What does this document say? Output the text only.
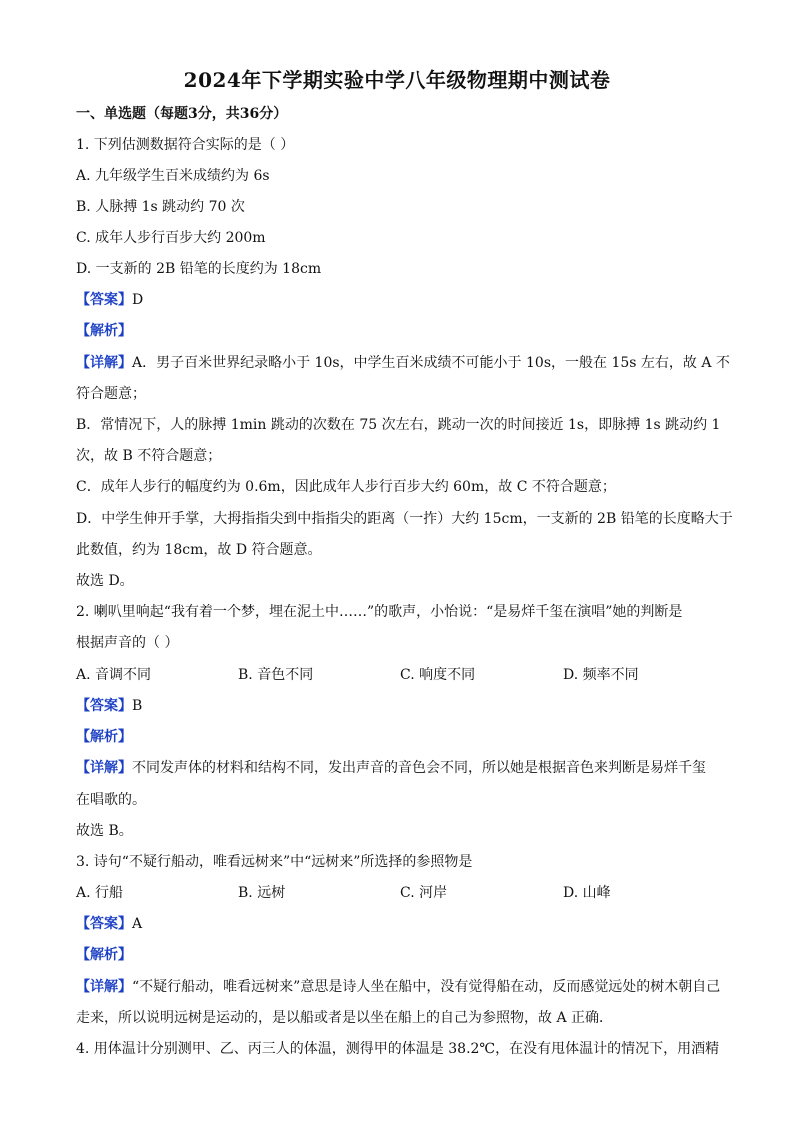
2024年下学期实验中学八年级物理期中测试卷
一、单选题（每题3分，共36分）
1. 下列估测数据符合实际的是（ ）
A. 九年级学生百米成绩约为 6s
B. 人脉搏 1s 跳动约 70 次
C. 成年人步行百步大约 200m
D. 一支新的 2B 铅笔的长度约为 18cm
【答案】D
【解析】
【详解】A．男子百米世界纪录略小于 10s，中学生百米成绩不可能小于 10s，一般在 15s 左右，故 A 不
符合题意；
B．常情况下，人的脉搏 1min 跳动的次数在 75 次左右，跳动一次的时间接近 1s，即脉搏 1s 跳动约 1
次，故 B 不符合题意；
C．成年人步行的幅度约为 0.6m，因此成年人步行百步大约 60m，故 C 不符合题意；
D．中学生伸开手掌，大拇指指尖到中指指尖的距离（一拃）大约 15cm，一支新的 2B 铅笔的长度略大于
此数值，约为 18cm，故 D 符合题意。
故选 D。
2. 喇叭里响起“我有着一个梦，埋在泥土中……”的歌声，小怡说：“是易烊千玺在演唱”她的判断是
根据声音的（ ）
A. 音调不同	B. 音色不同	C. 响度不同	D. 频率不同
【答案】B
【解析】
【详解】不同发声体的材料和结构不同，发出声音的音色会不同，所以她是根据音色来判断是易烊千玺
在唱歌的。
故选 B。
3. 诗句“不疑行船动，唯看远树来”中“远树来”所选择的参照物是
A. 行船	B. 远树	C. 河岸	D. 山峰
【答案】A
【解析】
【详解】“不疑行船动，唯看远树来”意思是诗人坐在船中，没有觉得船在动，反而感觉远处的树木朝自己
走来，所以说明远树是运动的，是以船或者是以坐在船上的自己为参照物，故 A 正确．
4. 用体温计分别测甲、乙、丙三人的体温，测得甲的体温是 38.2℃，在没有甩体温计的情况下，用酒精
